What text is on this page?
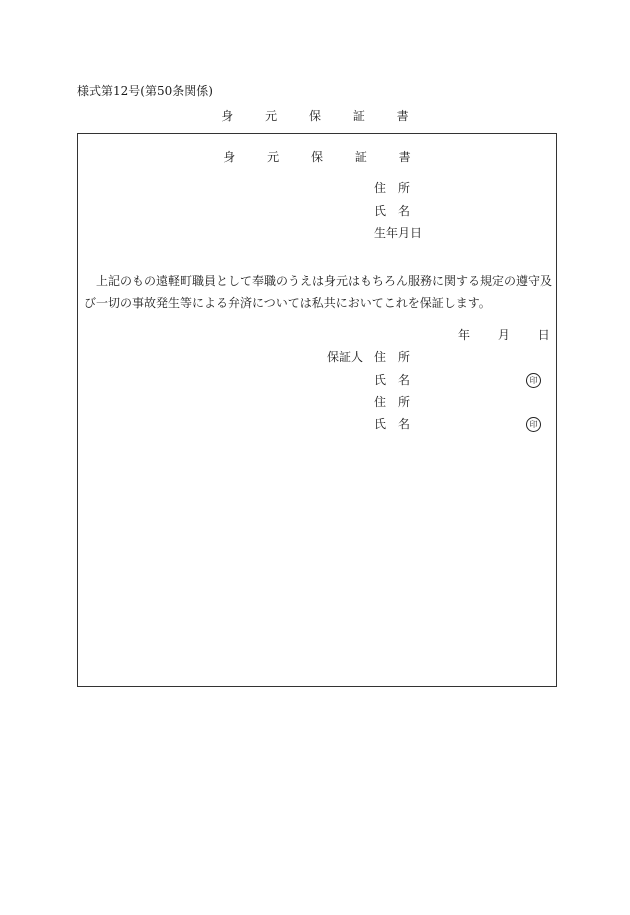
様式第12号(第50条関係)
身	元	保	証	書
身	元	保	証	書
住 所
氏 名
生年月日

　上記のもの遠軽町職員として奉職のうえは身元はもちろん服務に関する規定の遵守及

び一切の事故発生等による弁済については私共においてこれを保証します。

年 月 日
保証人 住 所
氏 名	印
住 所
氏 名	印
